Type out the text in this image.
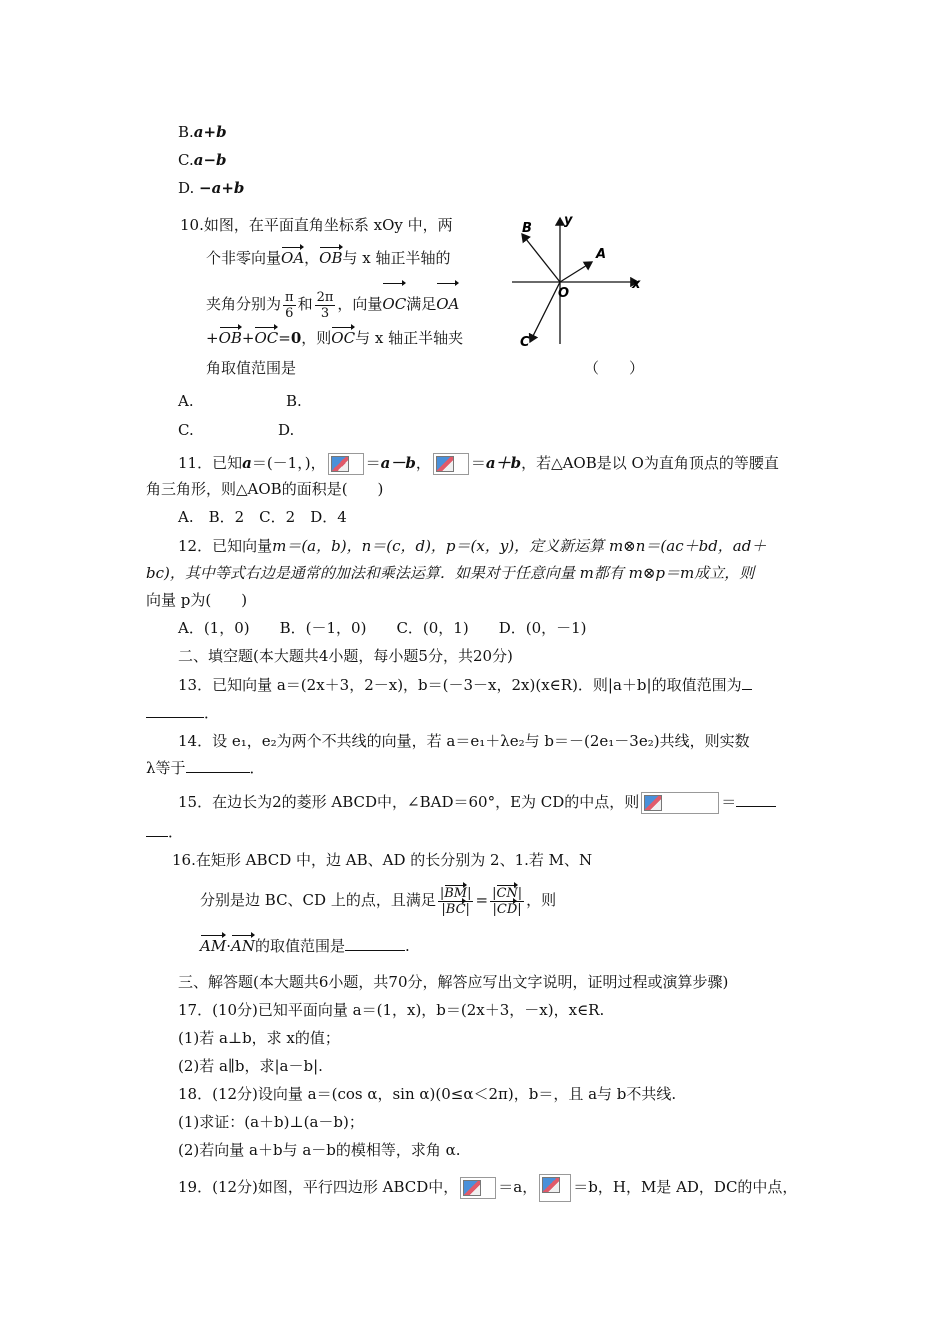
B.a+b
C.a−b
D. −a+b
10.如图，在平面直角坐标系 xOy 中，两
个非零向量OA，OB与 x 轴正半轴的
夹角分别为 $\frac{\pi}{6}$ 和 $\frac{2\pi}{3}$ ，向量OC满足OA
+OB+OC=0，则OC与 x 轴正半轴夹
角取值范围是	（　　）
B
y
A
O
x
C
A.	B.
C.	D.
11．已知a＝(－1，)，	＝a－b，	＝a＋b，若△AOB是以 O为直角顶点的等腰直
角三角形，则△AOB的面积是(　　)
A.　B．2　C．2　D．4
12．已知向量m＝(a，b)，n＝(c，d)，p＝(x，y)，定义新运算 m⊗n＝(ac＋bd，ad＋
bc)，其中等式右边是通常的加法和乘法运算．如果对于任意向量 m都有 m⊗p＝m成立，则
向量 p为(　　)
A．(1，0)　　B．(－1，0)　　C．(0，1)　　D．(0，－1)
二、填空题(本大题共4小题，每小题5分，共20分)
13．已知向量 a＝(2x＋3，2－x)，b＝(－3－x，2x)(x∈R)．则|a＋b|的取值范围为
．
14．设 e₁，e₂为两个不共线的向量，若 a＝e₁＋λe₂与 b＝－(2e₁－3e₂)共线，则实数
λ等于	．
15．在边长为2的菱形 ABCD中，∠BAD＝60°，E为 CD的中点，则	＝
．
16.在矩形 ABCD 中，边 AB、AD 的长分别为 2、1.若 M、N
分别是边 BC、CD 上的点，且满足 $\frac{|BM|}{|BC|} = \frac{|CN|}{|CD|}$ ，则
AM·AN的取值范围是	.
三、解答题(本大题共6小题，共70分，解答应写出文字说明，证明过程或演算步骤)
17．(10分)已知平面向量 a＝(1，x)，b＝(2x＋3，－x)，x∈R.
(1)若 a⊥b，求 x的值；
(2)若 a∥b，求|a－b|.
18．(12分)设向量 a＝(cos α，sin α)(0≤α＜2π)，b＝，且 a与 b不共线.
(1)求证：(a＋b)⊥(a－b)；
(2)若向量 a＋b与 a－b的模相等，求角 α.
19．(12分)如图，平行四边形 ABCD中，	＝a， ＝b，H，M是 AD，DC的中点，
